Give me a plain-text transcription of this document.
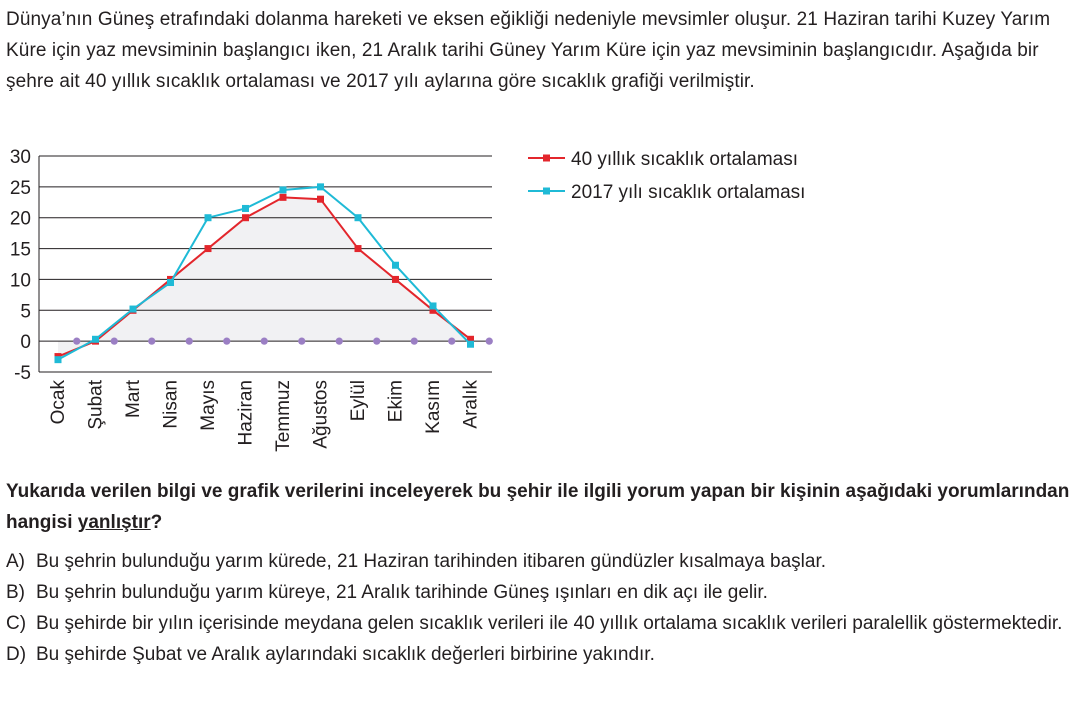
Dünya’nın Güneş etrafındaki dolanma hareketi ve eksen eğikliği nedeniyle mevsimler oluşur. 21 Haziran tarihi Kuzey Yarım Küre için yaz mevsiminin başlangıcı iken, 21 Aralık tarihi Güney Yarım Küre için yaz mevsiminin başlangıcıdır. Aşağıda bir şehre ait 40 yıllık sıcaklık ortalaması ve 2017 yılı aylarına göre sıcaklık grafiği verilmiştir.
-5
0
5
10
15
20
25
30
Ocak Şubat Mart Nisan Mayıs Haziran Temmuz Ağustos Eylül Ekim Kasım Aralık
40 yıllık sıcaklık ortalaması
2017 yılı sıcaklık ortalaması
Yukarıda verilen bilgi ve grafik verilerini inceleyerek bu şehir ile ilgili yorum yapan bir kişinin aşağıdaki yorumlarından hangisi yanlıştır?
A) Bu şehrin bulunduğu yarım kürede, 21 Haziran tarihinden itibaren gündüzler kısalmaya başlar.
B) Bu şehrin bulunduğu yarım küreye, 21 Aralık tarihinde Güneş ışınları en dik açı ile gelir.
C) Bu şehirde bir yılın içerisinde meydana gelen sıcaklık verileri ile 40 yıllık ortalama sıcaklık verileri paralellik göstermektedir.
D) Bu şehirde Şubat ve Aralık aylarındaki sıcaklık değerleri birbirine yakındır.
